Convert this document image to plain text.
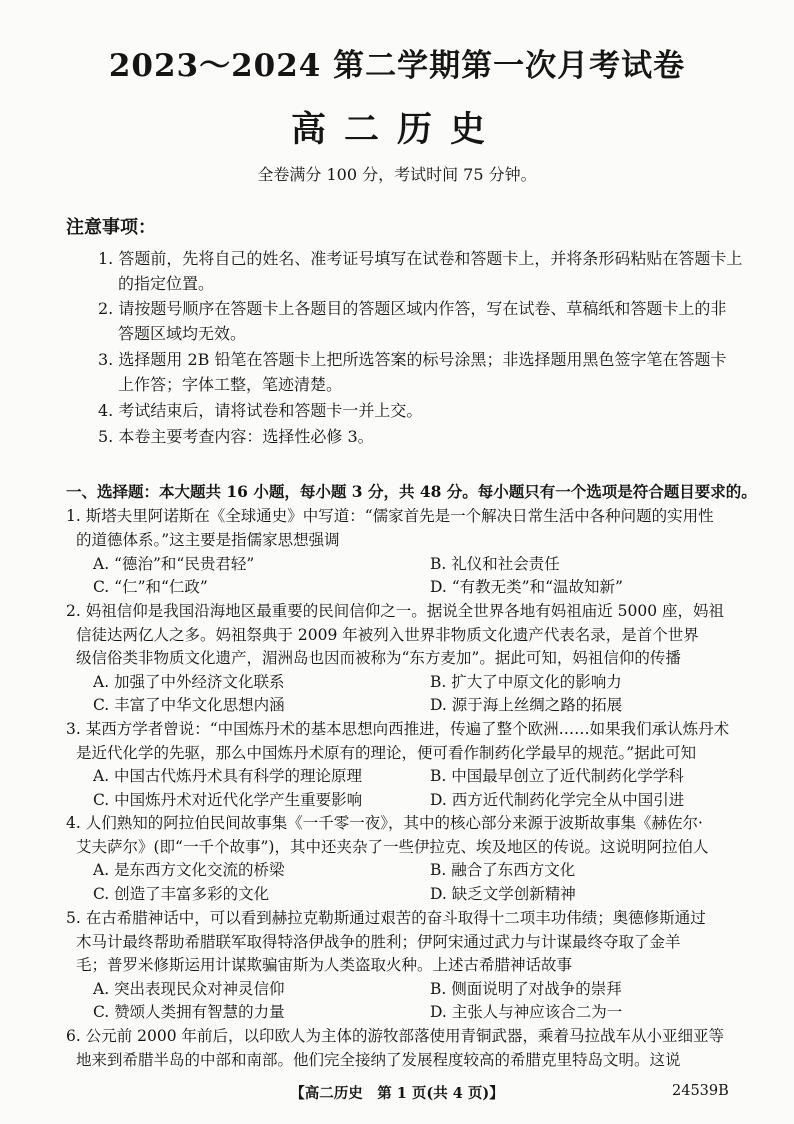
2023～2024 第二学期第一次月考试卷
高二历史
全卷满分 100 分，考试时间 75 分钟。
注意事项：
1. 答题前，先将自己的姓名、准考证号填写在试卷和答题卡上，并将条形码粘贴在答题卡上
的指定位置。
2. 请按题号顺序在答题卡上各题目的答题区域内作答，写在试卷、草稿纸和答题卡上的非
答题区域均无效。
3. 选择题用 2B 铅笔在答题卡上把所选答案的标号涂黑；非选择题用黑色签字笔在答题卡
上作答；字体工整，笔迹清楚。
4. 考试结束后，请将试卷和答题卡一并上交。
5. 本卷主要考查内容：选择性必修 3。
一、选择题：本大题共 16 小题，每小题 3 分，共 48 分。每小题只有一个选项是符合题目要求的。
1. 斯塔夫里阿诺斯在《全球通史》中写道：“儒家首先是一个解决日常生活中各种问题的实用性
的道德体系。”这主要是指儒家思想强调
A. “德治”和“民贵君轻”	B. 礼仪和社会责任
C. “仁”和“仁政”	D. “有教无类”和“温故知新”
2. 妈祖信仰是我国沿海地区最重要的民间信仰之一。据说全世界各地有妈祖庙近 5000 座，妈祖
信徒达两亿人之多。妈祖祭典于 2009 年被列入世界非物质文化遗产代表名录，是首个世界
级信俗类非物质文化遗产，湄洲岛也因而被称为“东方麦加”。据此可知，妈祖信仰的传播
A. 加强了中外经济文化联系	B. 扩大了中原文化的影响力
C. 丰富了中华文化思想内涵	D. 源于海上丝绸之路的拓展
3. 某西方学者曾说：“中国炼丹术的基本思想向西推进，传遍了整个欧洲……如果我们承认炼丹术
是近代化学的先驱，那么中国炼丹术原有的理论，便可看作制药化学最早的规范。”据此可知
A. 中国古代炼丹术具有科学的理论原理	B. 中国最早创立了近代制药化学学科
C. 中国炼丹术对近代化学产生重要影响	D. 西方近代制药化学完全从中国引进
4. 人们熟知的阿拉伯民间故事集《一千零一夜》，其中的核心部分来源于波斯故事集《赫佐尔·
艾夫萨尔》(即“一千个故事”)，其中还夹杂了一些伊拉克、埃及地区的传说。这说明阿拉伯人
A. 是东西方文化交流的桥梁	B. 融合了东西方文化
C. 创造了丰富多彩的文化	D. 缺乏文学创新精神
5. 在古希腊神话中，可以看到赫拉克勒斯通过艰苦的奋斗取得十二项丰功伟绩；奥德修斯通过
木马计最终帮助希腊联军取得特洛伊战争的胜利；伊阿宋通过武力与计谋最终夺取了金羊
毛；普罗米修斯运用计谋欺骗宙斯为人类盗取火种。上述古希腊神话故事
A. 突出表现民众对神灵信仰	B. 侧面说明了对战争的崇拜
C. 赞颂人类拥有智慧的力量	D. 主张人与神应该合二为一
6. 公元前 2000 年前后，以印欧人为主体的游牧部落使用青铜武器，乘着马拉战车从小亚细亚等
地来到希腊半岛的中部和南部。他们完全接纳了发展程度较高的希腊克里特岛文明。这说
【高二历史　第 1 页(共 4 页)】	24539B
